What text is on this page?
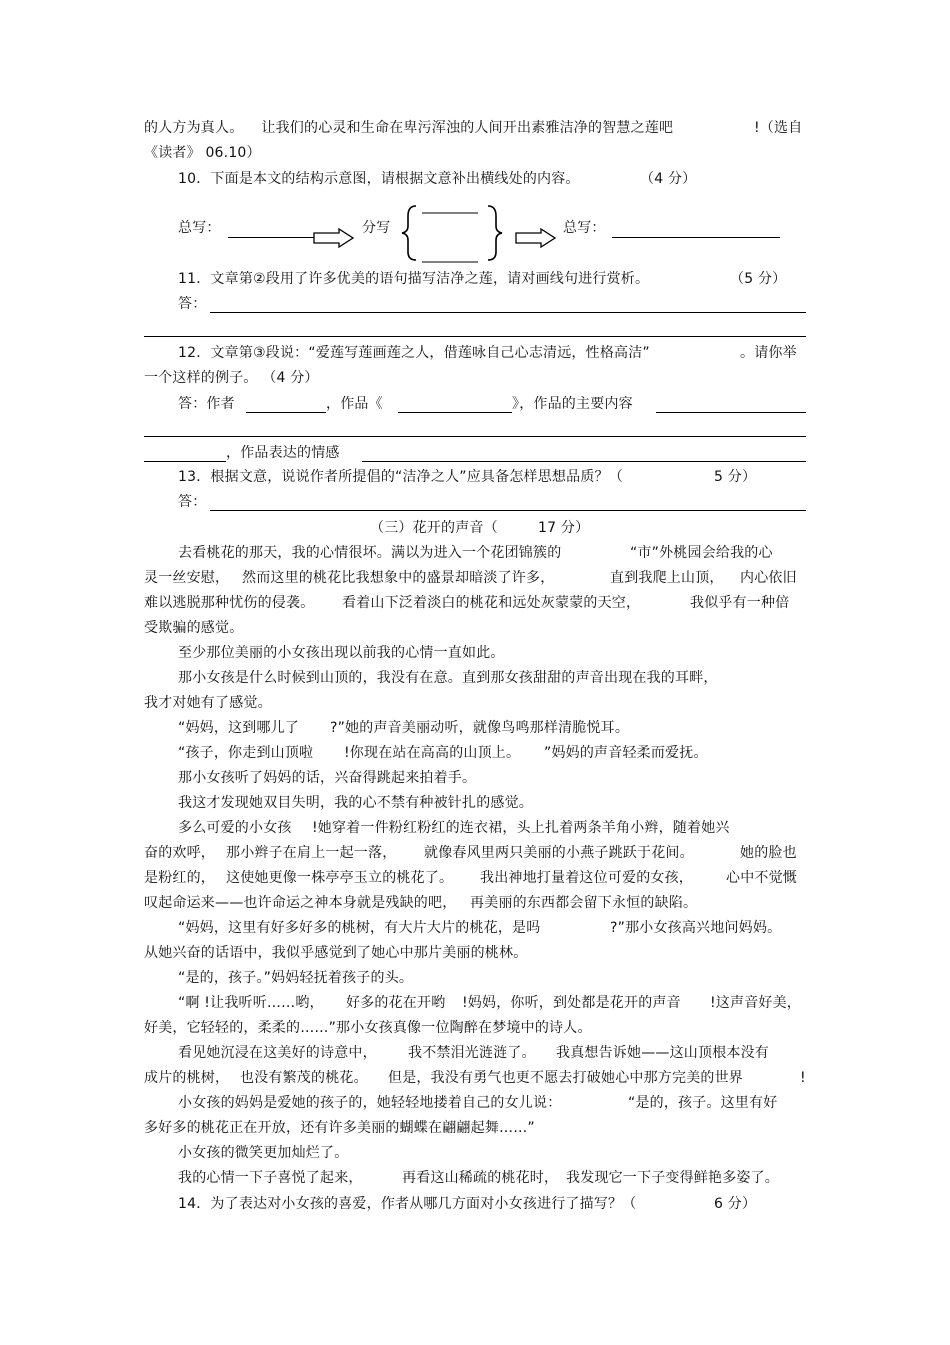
的人方为真人。 让我们的心灵和生命在卑污浑浊的人间开出素雅洁净的智慧之莲吧	!（选自
《读者》 06.10）
10．下面是本文的结构示意图，请根据文意补出横线处的内容。	（4 分）
总写：	分写	总写：
11．文章第②段用了许多优美的语句描写洁净之莲，请对画线句进行赏析。	（5 分）
答：
12．文章第③段说：“爱莲写莲画莲之人，借莲咏自己心志清远，性格高洁”	。请你举
一个这样的例子。 （4 分）
答：作者	，作品《	》，作品的主要内容
，作品表达的情感
13．根据文意，说说作者所提倡的“洁净之人”应具备怎样思想品质？（	5 分）
答：
（三）花开的声音（	17 分）
去看桃花的那天，我的心情很坏。满以为进入一个花团锦簇的	“市”外桃园会给我的心
灵一丝安慰， 然而这里的桃花比我想象中的盛景却暗淡了许多，	直到我爬上山顶， 内心依旧
难以逃脱那种忧伤的侵袭。 看着山下泛着淡白的桃花和远处灰蒙蒙的天空，	我似乎有一种倍
受欺骗的感觉。
至少那位美丽的小女孩出现以前我的心情一直如此。
那小女孩是什么时候到山顶的，我没有在意。直到那女孩甜甜的声音出现在我的耳畔，
我才对她有了感觉。
“妈妈，这到哪儿了 ?”她的声音美丽动听，就像鸟鸣那样清脆悦耳。
“孩子，你走到山顶啦 !你现在站在高高的山顶上。 ”妈妈的声音轻柔而爱抚。
那小女孩听了妈妈的话，兴奋得跳起来拍着手。
我这才发现她双目失明，我的心不禁有种被针扎的感觉。
多么可爱的小女孩 !她穿着一件粉红粉红的连衣裙，头上扎着两条羊角小辫，随着她兴
奋的欢呼， 那小辫子在肩上一起一落， 就像春风里两只美丽的小燕子跳跃于花间。	她的脸也
是粉红的， 这使她更像一株亭亭玉立的桃花了。 我出神地打量着这位可爱的女孩， 心中不觉慨
叹起命运来——也许命运之神本身就是残缺的吧， 再美丽的东西都会留下永恒的缺陷。
“妈妈，这里有好多好多的桃树，有大片大片的桃花，是吗	?”那小女孩高兴地问妈妈。
从她兴奋的话语中，我似乎感觉到了她心中那片美丽的桃林。
“是的，孩子。”妈妈轻抚着孩子的头。
“啊 !让我听听……哟， 好多的花在开哟 !妈妈，你听，到处都是花开的声音 !这声音好美，
好美，它轻轻的，柔柔的……”那小女孩真像一位陶醉在梦境中的诗人。
看见她沉浸在这美好的诗意中， 我不禁泪光涟涟了。 我真想告诉她——这山顶根本没有
成片的桃树， 也没有繁茂的桃花。 但是，我没有勇气也更不愿去打破她心中那方完美的世界	!
小女孩的妈妈是爱她的孩子的，她轻轻地搂着自己的女儿说：	“是的，孩子。这里有好
多好多的桃花正在开放，还有许多美丽的蝴蝶在翩翩起舞……”
小女孩的微笑更加灿烂了。
我的心情一下子喜悦了起来，	再看这山稀疏的桃花时， 我发现它一下子变得鲜艳多姿了。
14．为了表达对小女孩的喜爱，作者从哪几方面对小女孩进行了描写？（	6 分）
